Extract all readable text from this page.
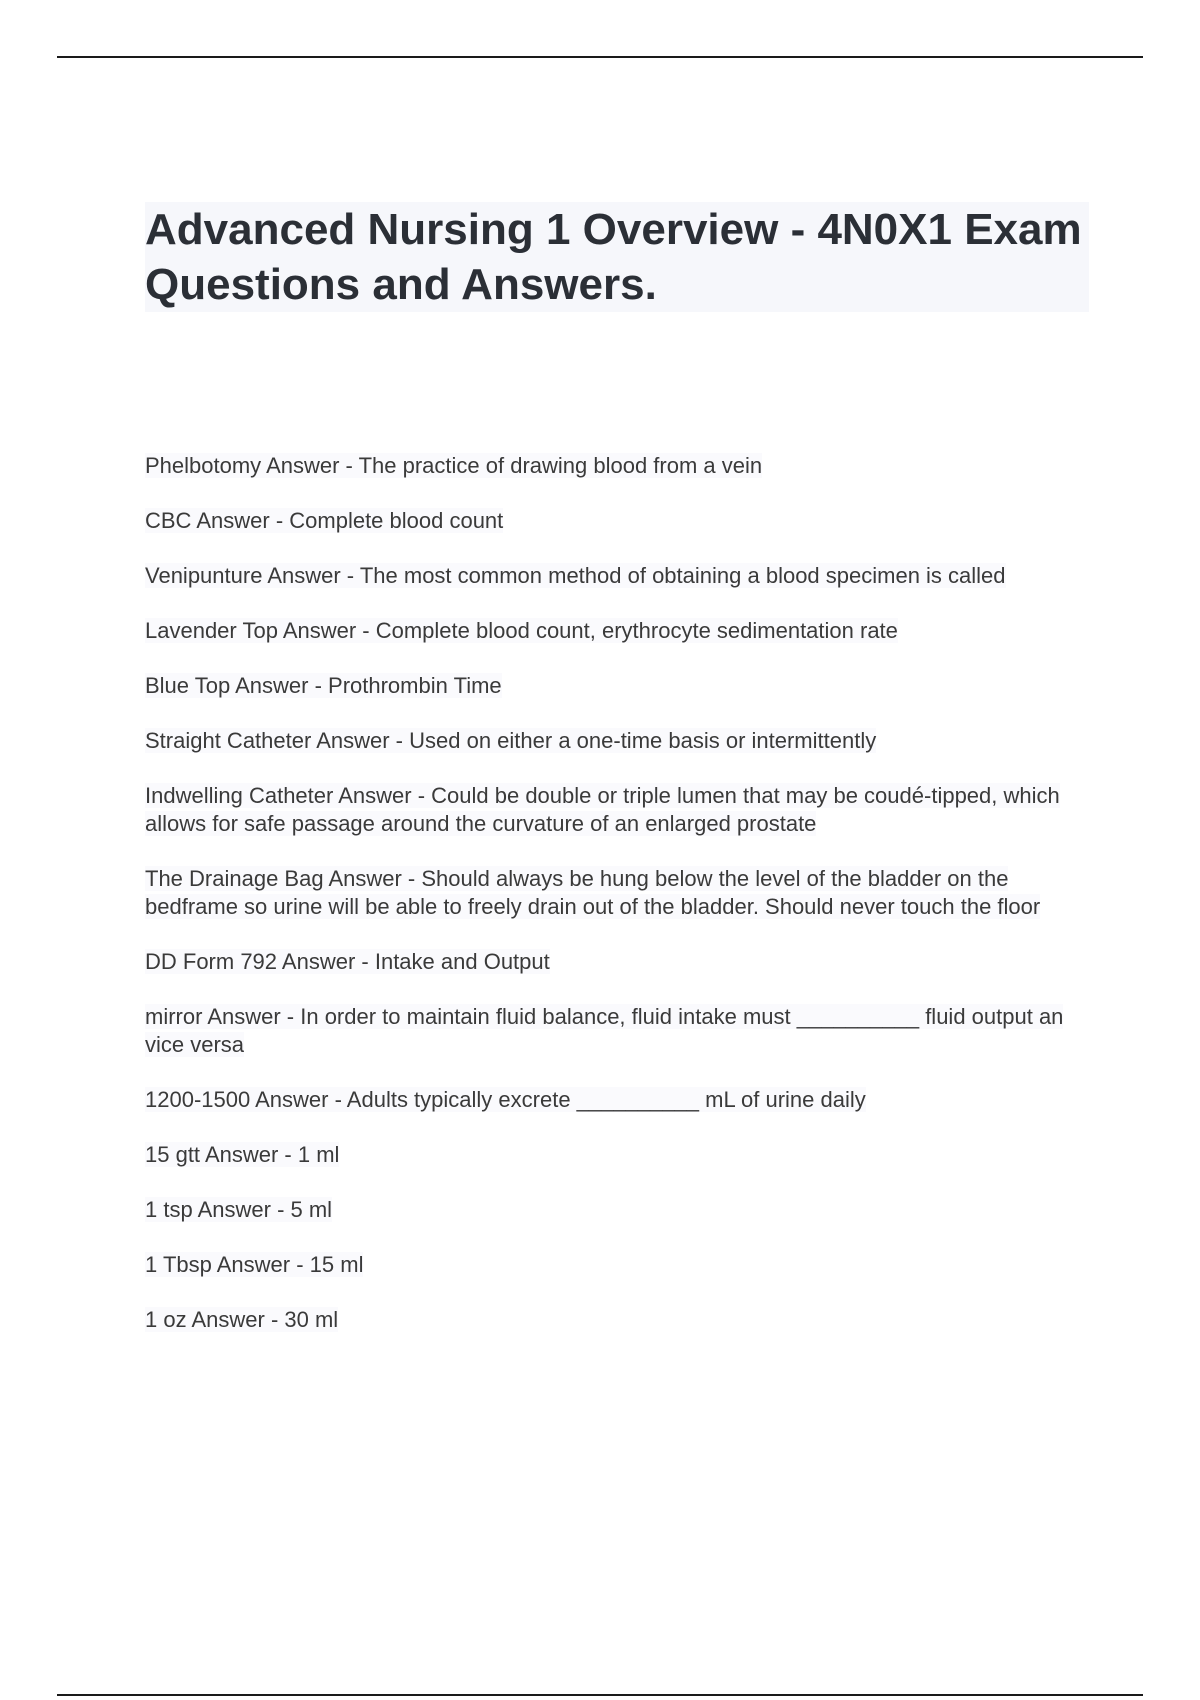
Advanced Nursing 1 Overview - 4N0X1 Exam Questions and Answers.
Phelbotomy Answer - The practice of drawing blood from a vein
CBC Answer - Complete blood count
Venipunture Answer - The most common method of obtaining a blood specimen is called
Lavender Top Answer - Complete blood count, erythrocyte sedimentation rate
Blue Top Answer - Prothrombin Time
Straight Catheter Answer - Used on either a one-time basis or intermittently
Indwelling Catheter Answer - Could be double or triple lumen that may be coudé-tipped, which allows for safe passage around the curvature of an enlarged prostate
The Drainage Bag Answer - Should always be hung below the level of the bladder on the bedframe so urine will be able to freely drain out of the bladder. Should never touch the floor
DD Form 792 Answer - Intake and Output
mirror Answer - In order to maintain fluid balance, fluid intake must __________ fluid output an vice versa
1200-1500 Answer - Adults typically excrete __________ mL of urine daily
15 gtt Answer - 1 ml
1 tsp Answer - 5 ml
1 Tbsp Answer - 15 ml
1 oz Answer - 30 ml
